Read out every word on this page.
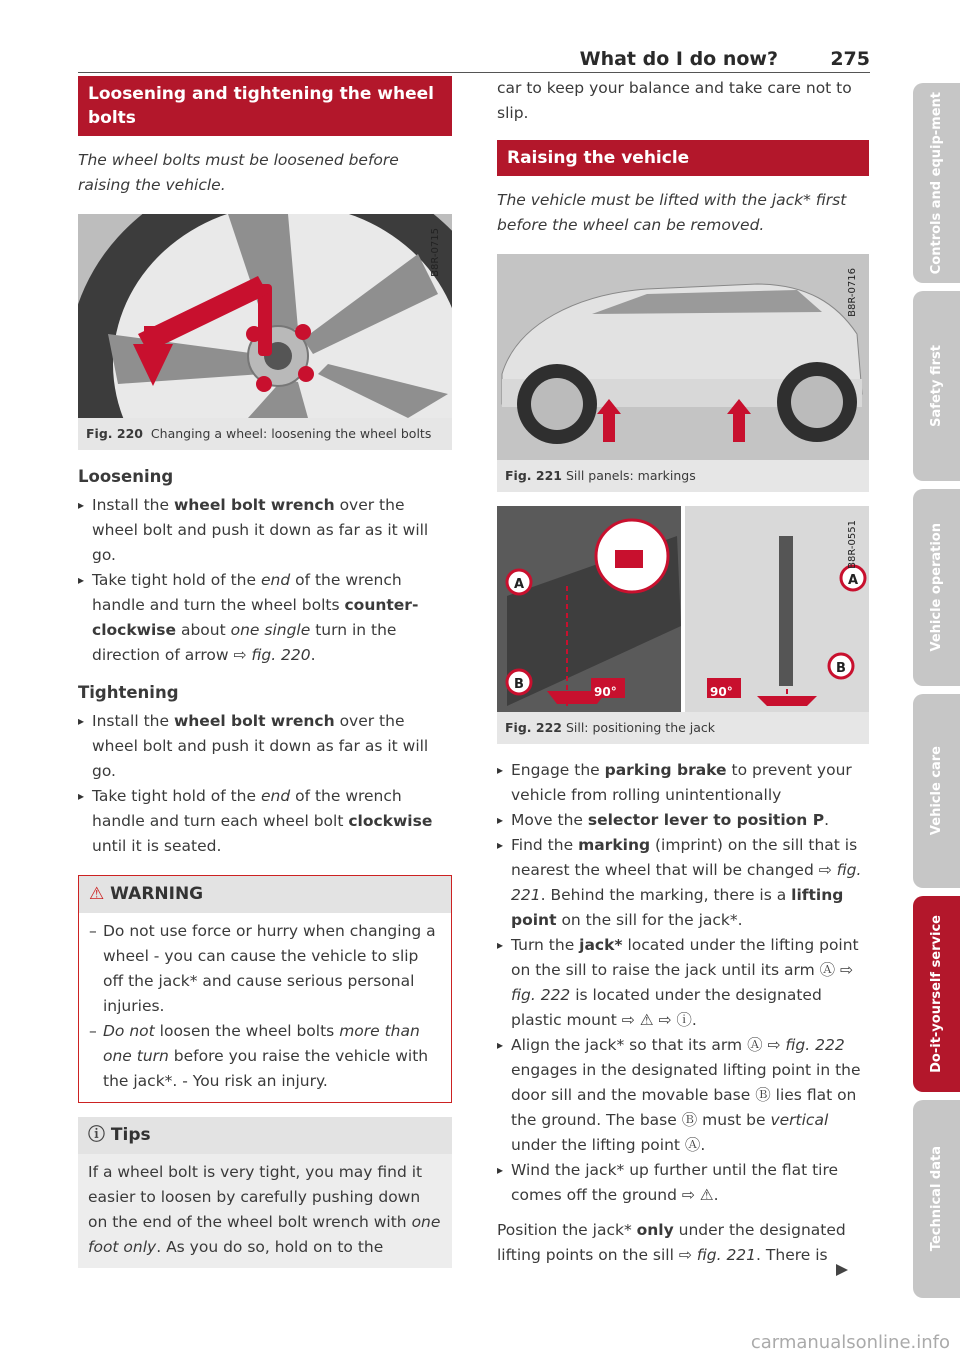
What do I do now?	275
Loosening and tightening the wheel bolts
The wheel bolts must be loosened before raising the vehicle.
B8R-0715
Fig. 220 Changing a wheel: loosening the wheel bolts
Loosening
▸ Install the wheel bolt wrench over the wheel bolt and push it down as far as it will go.
▸ Take tight hold of the end of the wrench handle and turn the wheel bolts counter-clockwise about one single turn in the direction of arrow ⇨ fig. 220.
Tightening
▸ Install the wheel bolt wrench over the wheel bolt and push it down as far as it will go.
▸ Take tight hold of the end of the wrench handle and turn each wheel bolt clockwise until it is seated.
⚠ WARNING
– Do not use force or hurry when changing a wheel - you can cause the vehicle to slip off the jack* and cause serious personal injuries.
– Do not loosen the wheel bolts more than one turn before you raise the vehicle with the jack*. - You risk an injury.
ⓘ Tips
If a wheel bolt is very tight, you may find it easier to loosen by carefully pushing down on the end of the wheel bolt wrench with one foot only. As you do so, hold on to the
car to keep your balance and take care not to slip.
Raising the vehicle
The vehicle must be lifted with the jack* first before the wheel can be removed.
B8R-0716
Fig. 221 Sill panels: markings
A	A
B
B
90°	90°
B8R-0551
Fig. 222 Sill: positioning the jack
▸ Engage the parking brake to prevent your vehicle from rolling unintentionally
▸ Move the selector lever to position P.
▸ Find the marking (imprint) on the sill that is nearest the wheel that will be changed ⇨ fig. 221. Behind the marking, there is a lifting point on the sill for the jack*.
▸ Turn the jack* located under the lifting point on the sill to raise the jack until its arm Ⓐ ⇨ fig. 222 is located under the designated plastic mount ⇨ ⚠ ⇨ ⓘ.
▸ Align the jack* so that its arm Ⓐ ⇨ fig. 222 engages in the designated lifting point in the door sill and the movable base Ⓑ lies flat on the ground. The base Ⓑ must be vertical under the lifting point Ⓐ.
▸ Wind the jack* up further until the flat tire comes off the ground ⇨ ⚠.
Position the jack* only under the designated lifting points on the sill ⇨ fig. 221. There is
Controls and equip-ment
Safety first
Vehicle operation
Vehicle care
Do-it-yourself service
Technical data
carmanualsonline.info
